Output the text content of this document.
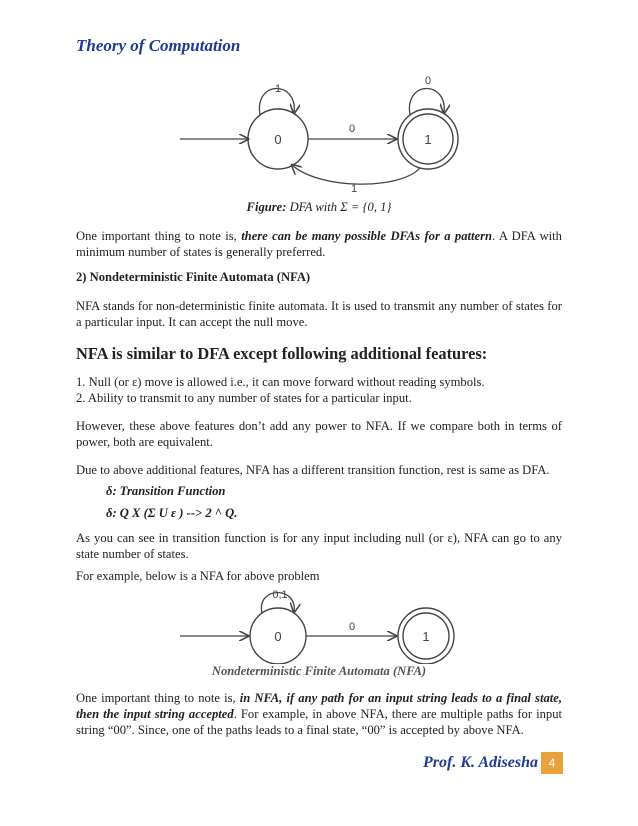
Theory of Computation
0
1
1
0
0
1
Figure: DFA with Σ = {0, 1}
One important thing to note is, there can be many possible DFAs for a pattern. A DFA with minimum number of states is generally preferred.
2) Nondeterministic Finite Automata (NFA)
NFA stands for non-deterministic finite automata. It is used to transmit any number of states for a particular input. It can accept the null move.
NFA is similar to DFA except following additional features:
1. Null (or ε) move is allowed i.e., it can move forward without reading symbols.
2. Ability to transmit to any number of states for a particular input.
However, these above features don’t add any power to NFA. If we compare both in terms of power, both are equivalent.
Due to above additional features, NFA has a different transition function, rest is same as DFA.
δ: Transition Function
δ: Q X (Σ U ε ) --> 2 ^ Q.
As you can see in transition function is for any input including null (or ε), NFA can go to any state number of states.
For example, below is a NFA for above problem
0
0,1
0
1
Nondeterministic Finite Automata (NFA)
One important thing to note is, in NFA, if any path for an input string leads to a final state, then the input string accepted. For example, in above NFA, there are multiple paths for input string “00”. Since, one of the paths leads to a final state, “00” is accepted by above NFA.
Prof. K. Adisesha 4
